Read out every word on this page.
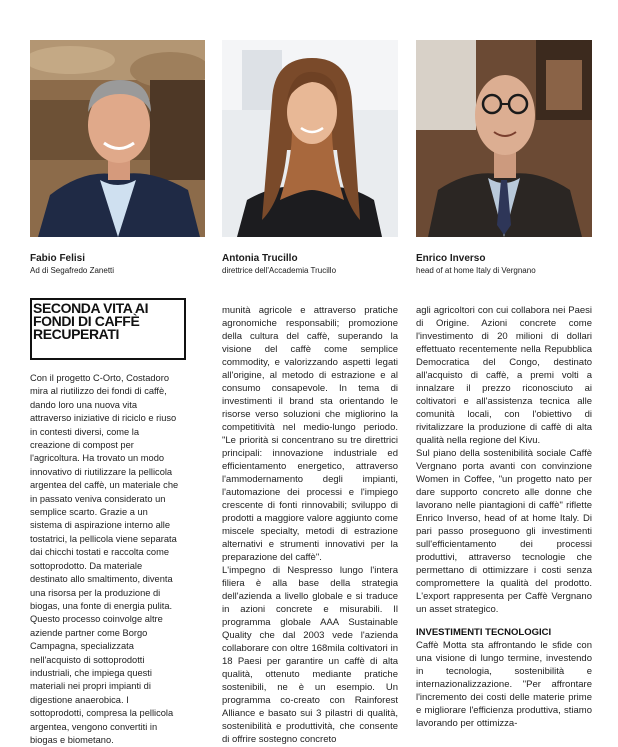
Fabio Felisi
Ad di Segafredo Zanetti
Antonia Trucillo
direttrice dell'Accademia Trucillo
Enrico Inverso
head of at home Italy di Vergnano
SECONDA VITA AI FONDI DI CAFFÈ RECUPERATI

Con il progetto C-Orto, Costadoro mira al riutilizzo dei fondi di caffè, dando loro una nuova vita attraverso iniziative di riciclo e riuso in contesti diversi, come la creazione di compost per l'agricoltura. Ha trovato un modo innovativo di riutilizzare la pellicola argentea del caffè, un materiale che in passato veniva considerato un semplice scarto. Grazie a un sistema di aspirazione interno alle tostatrici, la pellicola viene separata dai chicchi tostati e raccolta come sottoprodotto. Da materiale destinato allo smaltimento, diventa una risorsa per la produzione di biogas, una fonte di energia pulita. Questo processo coinvolge altre aziende partner come Borgo Campagna, specializzata nell'acquisto di sottoprodotti industriali, che impiega questi materiali nei propri impianti di digestione anaerobica. I sottoprodotti, compresa la pellicola argentea, vengono convertiti in biogas e biometano.

munità agricole e attraverso pratiche agronomiche responsabili; promozione della cultura del caffè, superando la visione del caffè come semplice commodity, e valorizzando aspetti legati all'origine, al metodo di estrazione e al consumo consapevole. In tema di investimenti il brand sta orientando le risorse verso soluzioni che migliorino la competitività nel medio-lungo periodo. "Le priorità si concentrano su tre direttrici principali: innovazione industriale ed efficientamento energetico, attraverso l'ammodernamento degli impianti, l'automazione dei processi e l'impiego crescente di fonti rinnovabili; sviluppo di prodotti a maggiore valore aggiunto come miscele specialty, metodi di estrazione alternativi e strumenti innovativi per la preparazione del caffè".

L'impegno di Nespresso lungo l'intera filiera è alla base della strategia dell'azienda a livello globale e si traduce in azioni concrete e misurabili. Il programma globale AAA Sustainable Quality che dal 2003 vede l'azienda collaborare con oltre 168mila coltivatori in 18 Paesi per garantire un caffè di alta qualità, ottenuto mediante pratiche sostenibili, ne è un esempio. Un programma co-creato con Rainforest Alliance e basato sui 3 pilastri di qualità, sostenibilità e produttività, che consente di offrire sostegno concreto

agli agricoltori con cui collabora nei Paesi di Origine. Azioni concrete come l'investimento di 20 milioni di dollari effettuato recentemente nella Repubblica Democratica del Congo, destinato all'acquisto di caffè, a premi volti a innalzare il prezzo riconosciuto ai coltivatori e all'assistenza tecnica alle comunità locali, con l'obiettivo di rivitalizzare la produzione di caffè di alta qualità nella regione del Kivu.

Sul piano della sostenibilità sociale Caffè Vergnano porta avanti con convinzione Women in Coffee, "un progetto nato per dare supporto concreto alle donne che lavorano nelle piantagioni di caffè" riflette Enrico Inverso, head of at home Italy. Di pari passo proseguono gli investimenti sull'efficientamento dei processi produttivi, attraverso tecnologie che permettano di ottimizzare i costi senza compromettere la qualità del prodotto. L'export rappresenta per Caffè Vergnano un asset strategico.

INVESTIMENTI TECNOLOGICI

Caffè Motta sta affrontando le sfide con una visione di lungo termine, investendo in tecnologia, sostenibilità e internazionalizzazione. "Per affrontare l'incremento dei costi delle materie prime e migliorare l'efficienza produttiva, stiamo lavorando per ottimizza-
